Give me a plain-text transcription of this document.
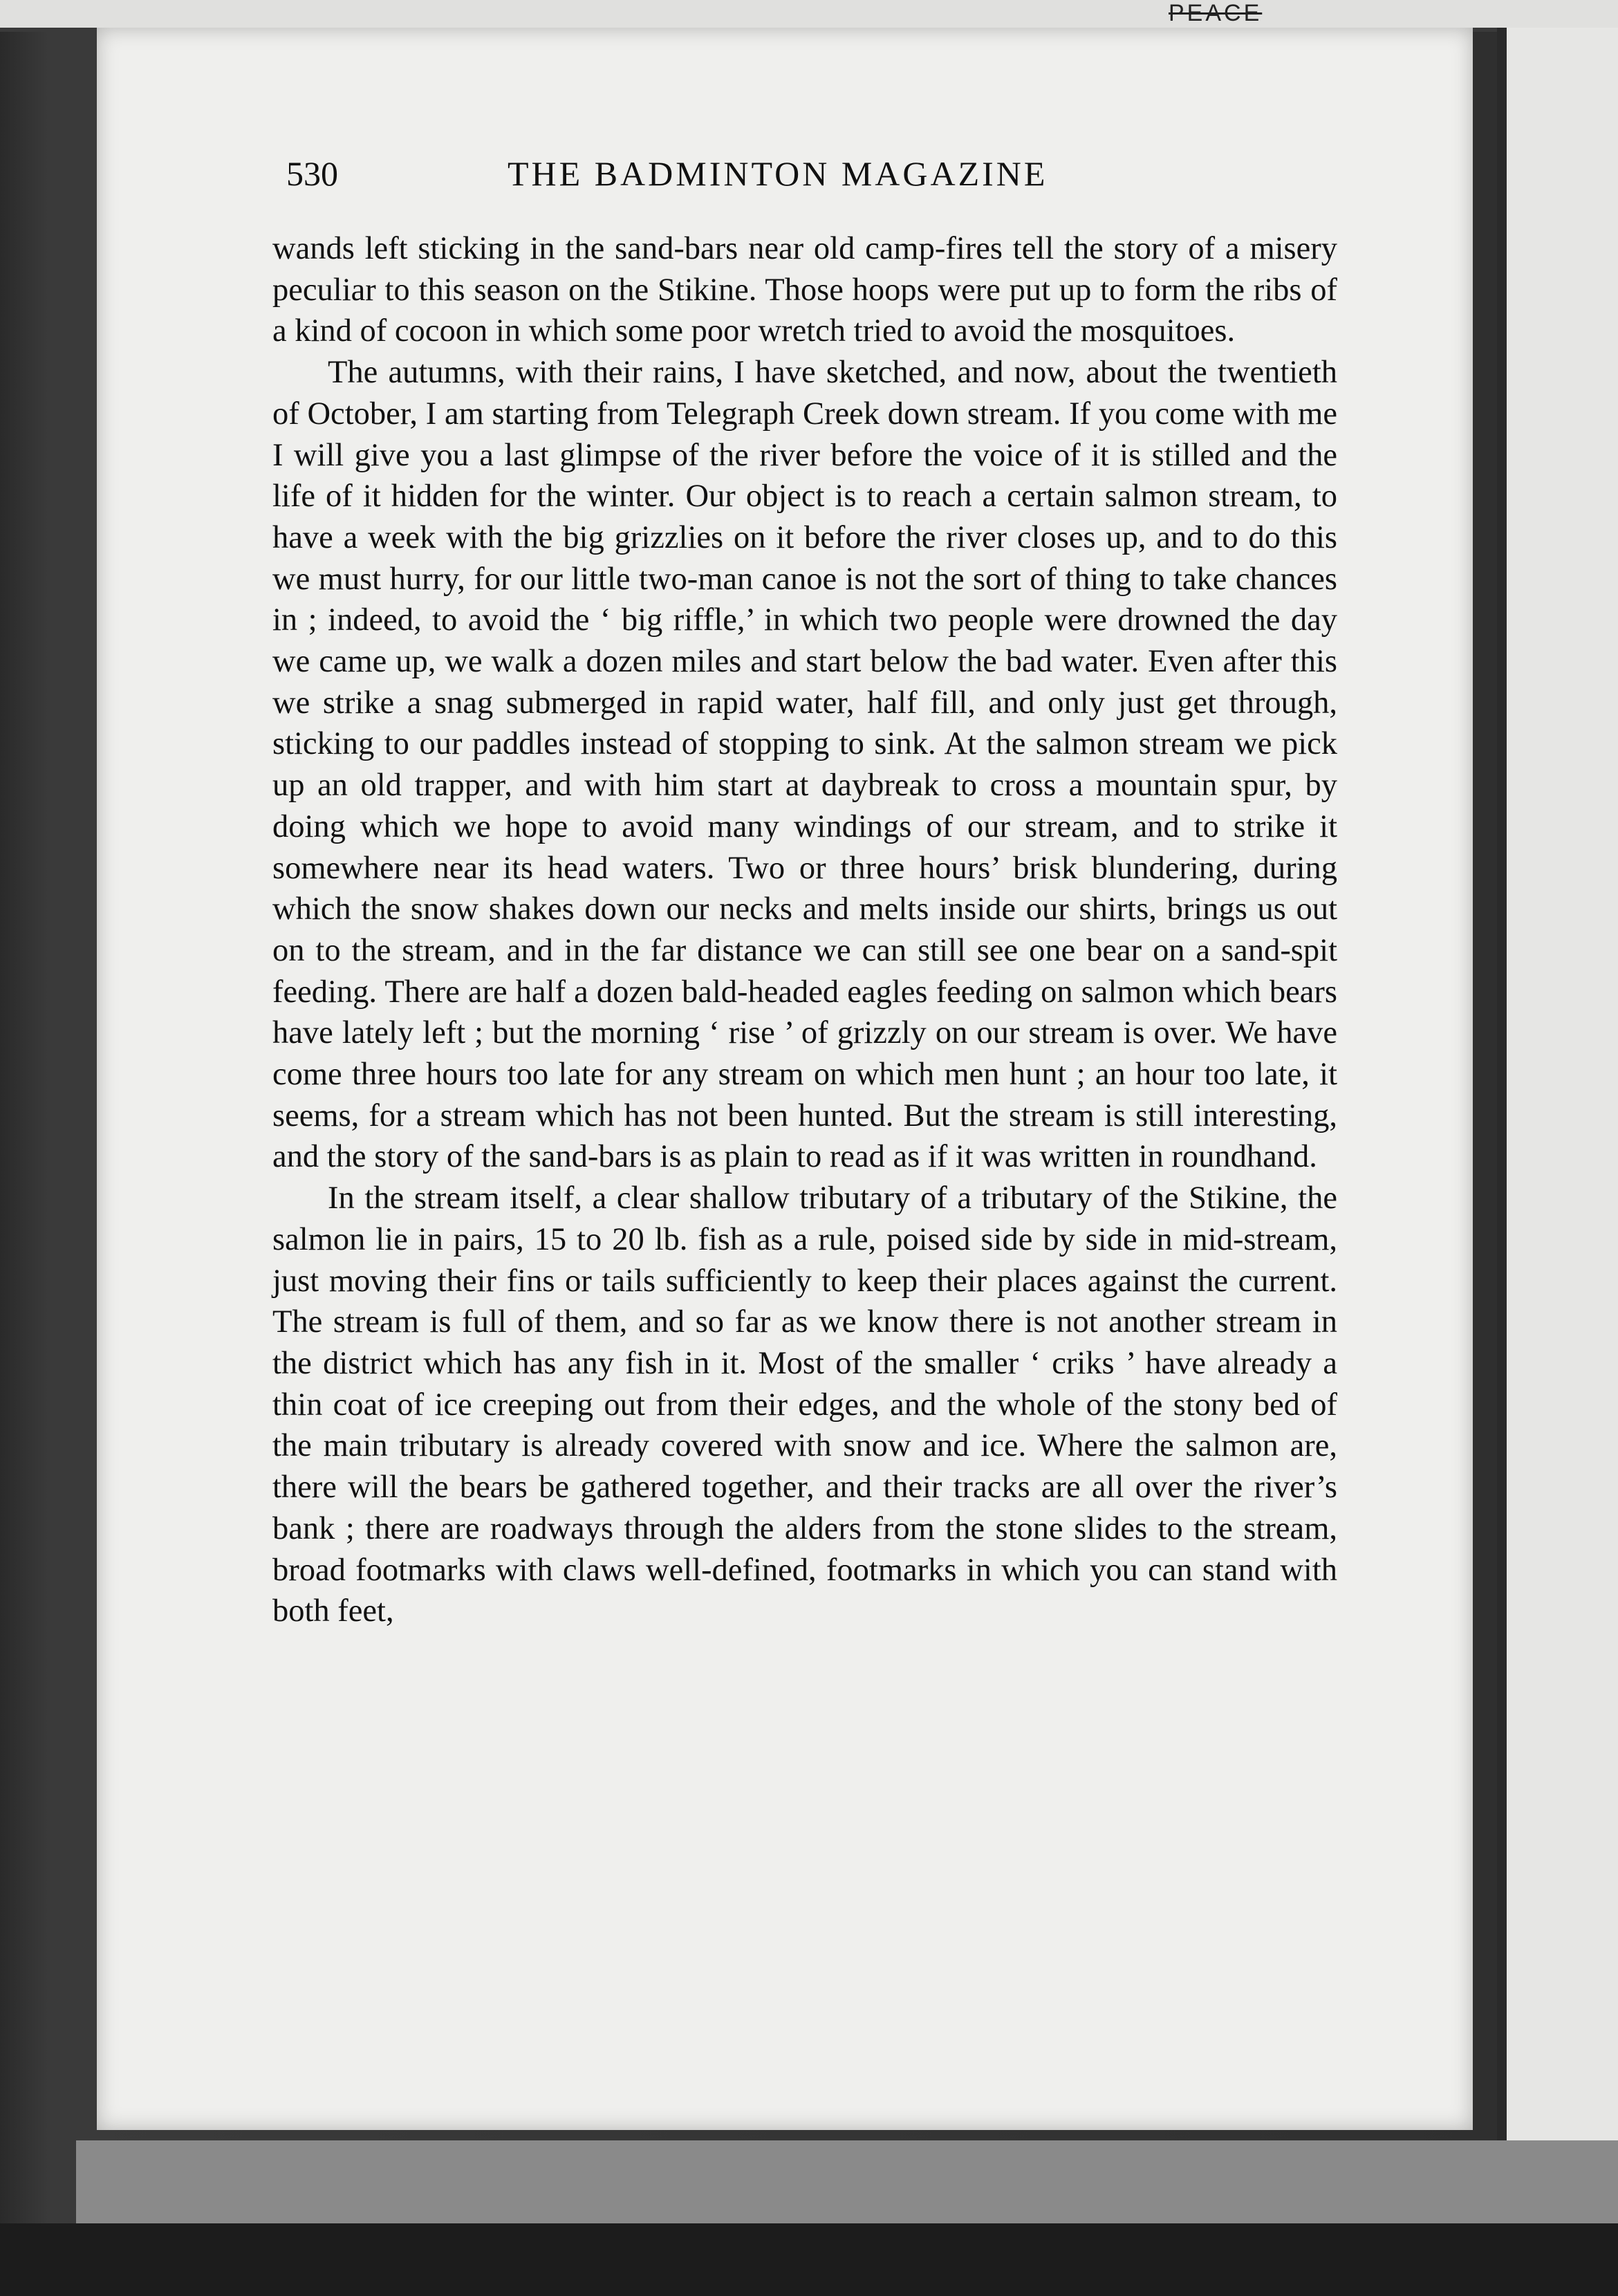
PEACE
530	THE BADMINTON MAGAZINE

wands left sticking in the sand-bars near old camp-fires tell the story of a misery peculiar to this season on the Stikine. Those hoops were put up to form the ribs of a kind of cocoon in which some poor wretch tried to avoid the mosquitoes.

The autumns, with their rains, I have sketched, and now, about the twentieth of October, I am starting from Telegraph Creek down stream. If you come with me I will give you a last glimpse of the river before the voice of it is stilled and the life of it hidden for the winter. Our object is to reach a certain salmon stream, to have a week with the big grizzlies on it before the river closes up, and to do this we must hurry, for our little two-man canoe is not the sort of thing to take chances in ; indeed, to avoid the ‘ big riffle,’ in which two people were drowned the day we came up, we walk a dozen miles and start below the bad water. Even after this we strike a snag submerged in rapid water, half fill, and only just get through, sticking to our paddles instead of stopping to sink. At the salmon stream we pick up an old trapper, and with him start at daybreak to cross a mountain spur, by doing which we hope to avoid many windings of our stream, and to strike it somewhere near its head waters. Two or three hours’ brisk blundering, during which the snow shakes down our necks and melts inside our shirts, brings us out on to the stream, and in the far distance we can still see one bear on a sand-spit feeding. There are half a dozen bald-headed eagles feeding on salmon which bears have lately left ; but the morning ‘ rise ’ of grizzly on our stream is over. We have come three hours too late for any stream on which men hunt ; an hour too late, it seems, for a stream which has not been hunted. But the stream is still interesting, and the story of the sand-bars is as plain to read as if it was written in roundhand.

In the stream itself, a clear shallow tributary of a tributary of the Stikine, the salmon lie in pairs, 15 to 20 lb. fish as a rule, poised side by side in mid-stream, just moving their fins or tails sufficiently to keep their places against the current. The stream is full of them, and so far as we know there is not another stream in the district which has any fish in it. Most of the smaller ‘ criks ’ have already a thin coat of ice creeping out from their edges, and the whole of the stony bed of the main tributary is already covered with snow and ice. Where the salmon are, there will the bears be gathered together, and their tracks are all over the river’s bank ; there are roadways through the alders from the stone slides to the stream, broad footmarks with claws well-defined, footmarks in which you can stand with both feet,
